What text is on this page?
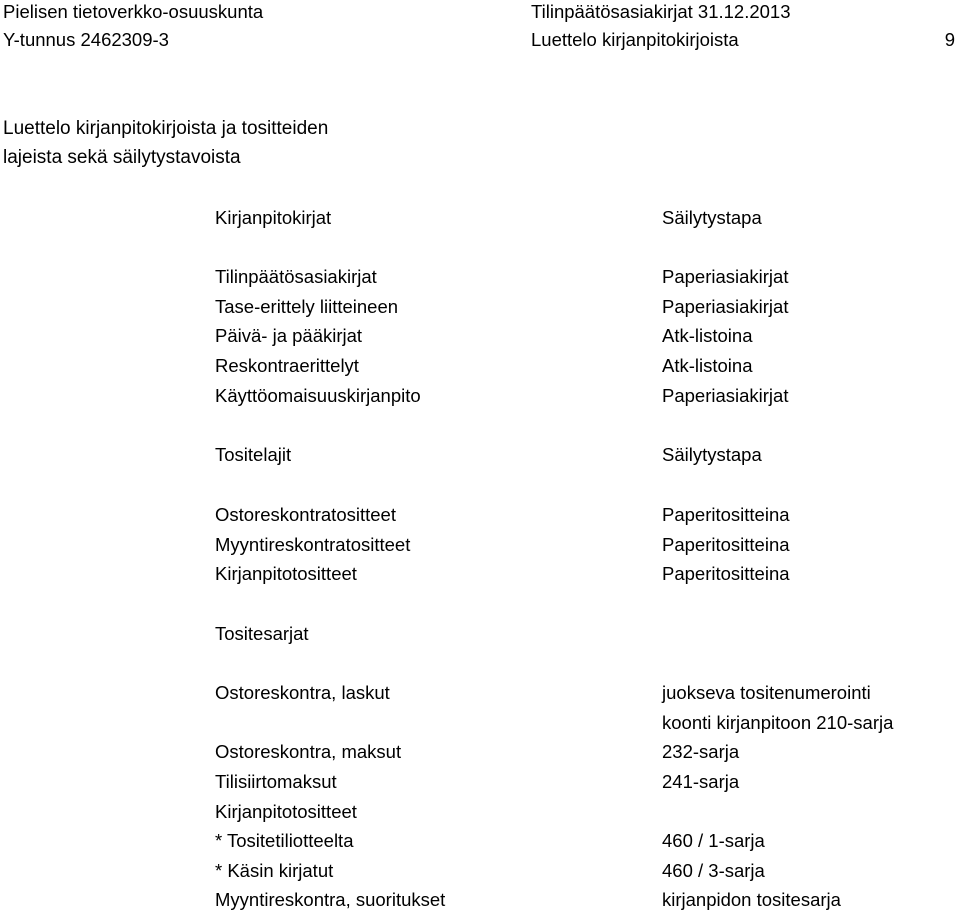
Pielisen tietoverkko-osuuskunta
Y-tunnus 2462309-3
Tilinpäätösasiakirjat 31.12.2013
Luettelo kirjanpitokirjoista	9
Luettelo kirjanpitokirjoista ja tositteiden
lajeista sekä säilytystavoista
Kirjanpitokirjat	Säilytystapa
Tilinpäätösasiakirjat	Paperiasiakirjat
Tase-erittely liitteineen	Paperiasiakirjat
Päivä- ja pääkirjat	Atk-listoina
Reskontraerittelyt	Atk-listoina
Käyttöomaisuuskirjanpito	Paperiasiakirjat
Tositelajit	Säilytystapa
Ostoreskontratositteet	Paperitositteina
Myyntireskontratositteet	Paperitositteina
Kirjanpitotositteet	Paperitositteina
Tositesarjat
Ostoreskontra, laskut	juokseva tositenumerointi
koonti kirjanpitoon 210-sarja
Ostoreskontra, maksut	232-sarja
Tilisiirtomaksut	241-sarja
Kirjanpitotositteet
* Tositetiliotteelta	460 / 1-sarja
* Käsin kirjatut	460 / 3-sarja
Myyntireskontra, suoritukset	kirjanpidon tositesarja
